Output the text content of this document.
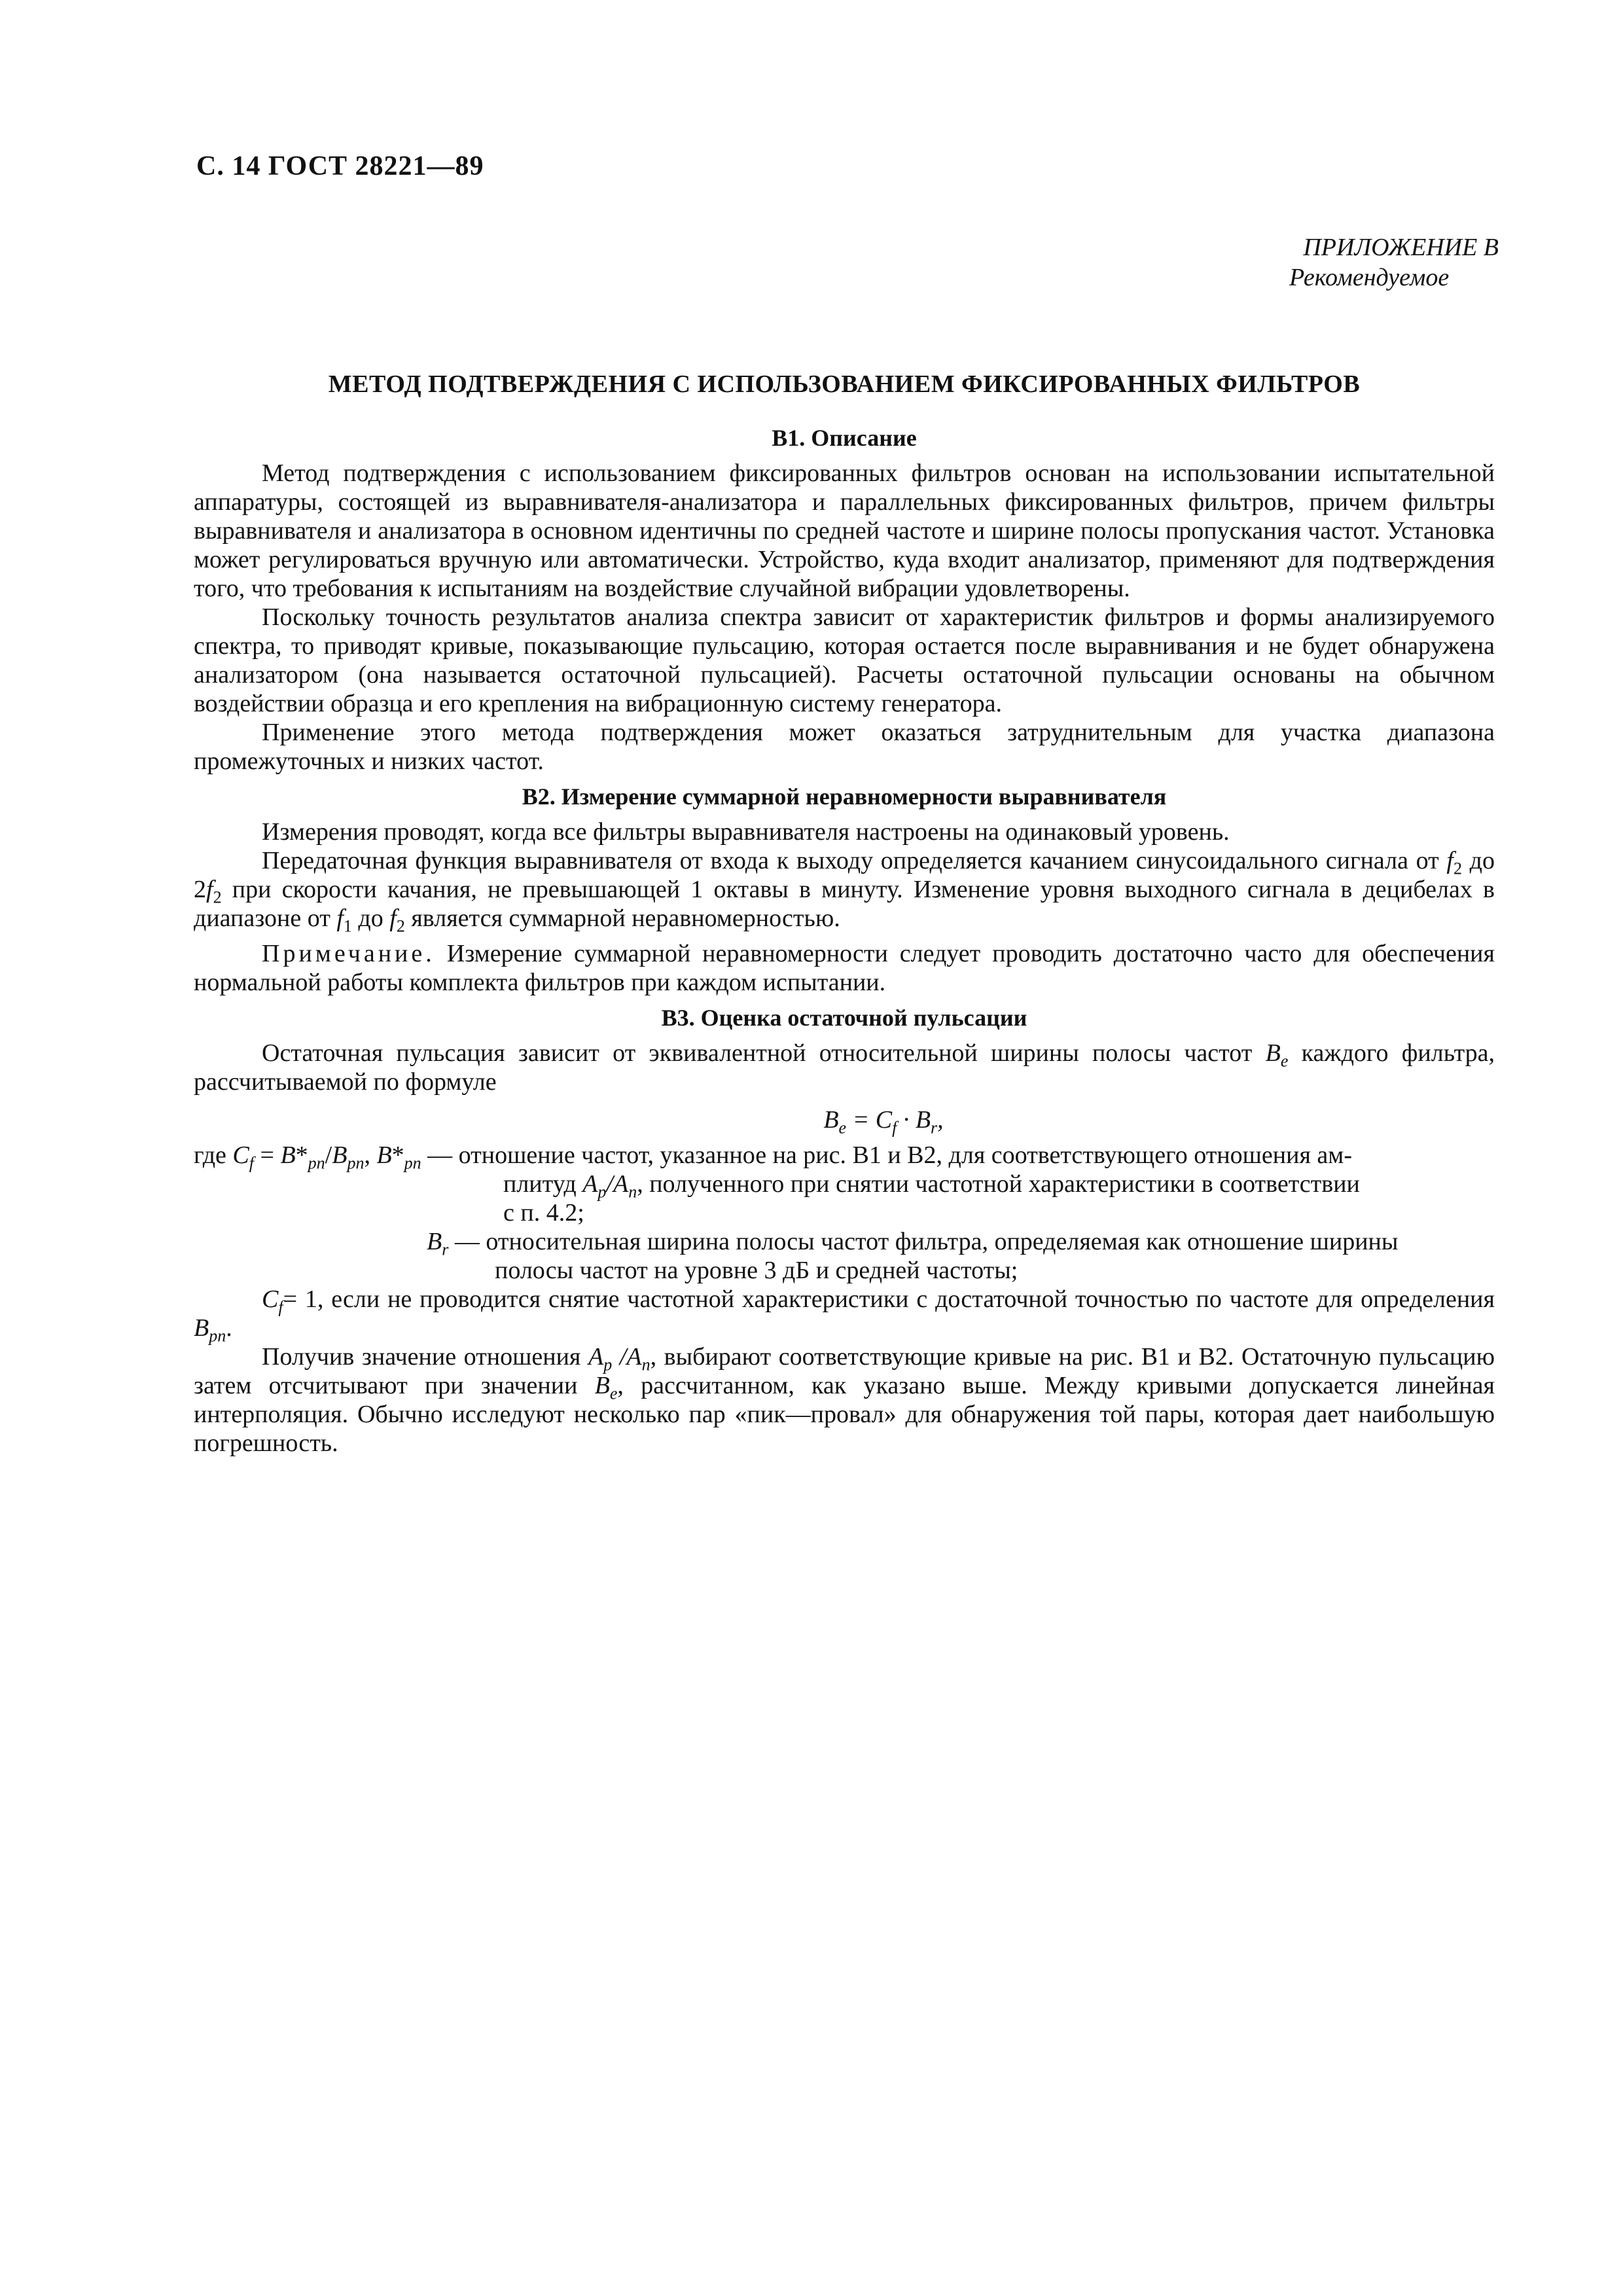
С. 14 ГОСТ 28221—89
ПРИЛОЖЕНИЕ В
Рекомендуемое
МЕТОД ПОДТВЕРЖДЕНИЯ С ИСПОЛЬЗОВАНИЕМ ФИКСИРОВАННЫХ ФИЛЬТРОВ
В1. Описание

Метод подтверждения с использованием фиксированных фильтров основан на использовании испытательной аппаратуры, состоящей из выравнивателя-анализатора и параллельных фиксированных фильтров, причем фильтры выравнивателя и анализатора в основном идентичны по средней частоте и ширине полосы пропускания частот. Установка может регулироваться вручную или автоматически. Устройство, куда входит анализатор, применяют для подтверждения того, что требования к испытаниям на воздействие случайной вибрации удовлетворены.

Поскольку точность результатов анализа спектра зависит от характеристик фильтров и формы анализируемого спектра, то приводят кривые, показывающие пульсацию, которая остается после выравнивания и не будет обнаружена анализатором (она называется остаточной пульсацией). Расчеты остаточной пульсации основаны на обычном воздействии образца и его крепления на вибрационную систему генератора.

Применение этого метода подтверждения может оказаться затруднительным для участка диапазона промежуточных и низких частот.

В2. Измерение суммарной неравномерности выравнивателя

Измерения проводят, когда все фильтры выравнивателя настроены на одинаковый уровень.

Передаточная функция выравнивателя от входа к выходу определяется качанием синусоидального сигнала от $f_2$ до $2f_2$ при скорости качания, не превышающей 1 октавы в минуту. Изменение уровня выходного сигнала в децибелах в диапазоне от $f_1$ до $f_2$ является суммарной неравномерностью.

Примечание. Измерение суммарной неравномерности следует проводить достаточно часто для обеспечения нормальной работы комплекта фильтров при каждом испытании.

В3. Оценка остаточной пульсации

Остаточная пульсация зависит от эквивалентной относительной ширины полосы частот $B_e$ каждого фильтра, рассчитываемой по формуле

$B_e = C_f \cdot B_r$,
где $C_f = B*_{pn}/B_{pn}$, $B*_{pn}$ — отношение частот, указанное на рис. В1 и В2, для соответствующего отношения ам-
плитуд $A_p/A_n$, полученного при снятии частотной характеристики в соответствии
с п. 4.2;
$B_r$ — относительная ширина полосы частот фильтра, определяемая как отношение ширины
полосы частот на уровне 3 дБ и средней частоты;

$C_f= 1$, если не проводится снятие частотной характеристики с достаточной точностью по частоте для определения $B_{pn}$.

Получив значение отношения $A_p$ $/A_n$, выбирают соответствующие кривые на рис. В1 и В2. Остаточную пульсацию затем отсчитывают при значении $B_e$, рассчитанном, как указано выше. Между кривыми допускается линейная интерполяция. Обычно исследуют несколько пар «пик—провал» для обнаружения той пары, которая дает наибольшую погрешность.
